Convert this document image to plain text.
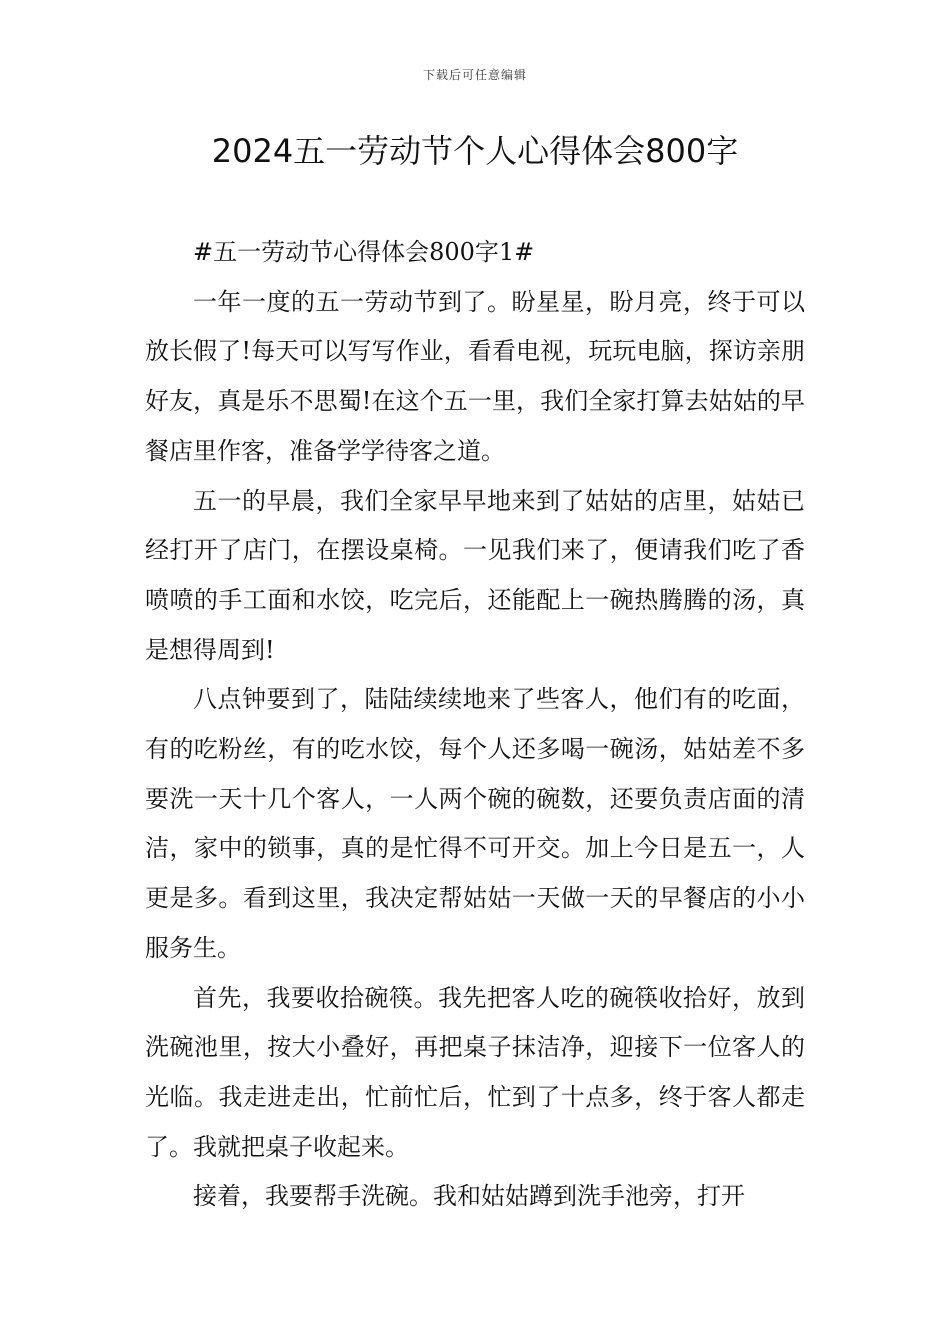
下载后可任意编辑
2024五一劳动节个人心得体会800字

#五一劳动节心得体会800字1#

一年一度的五一劳动节到了。盼星星，盼月亮，终于可以放长假了!每天可以写写作业，看看电视，玩玩电脑，探访亲朋好友，真是乐不思蜀!在这个五一里，我们全家打算去姑姑的早餐店里作客，准备学学待客之道。

五一的早晨，我们全家早早地来到了姑姑的店里，姑姑已经打开了店门，在摆设桌椅。一见我们来了，便请我们吃了香喷喷的手工面和水饺，吃完后，还能配上一碗热腾腾的汤，真是想得周到!

八点钟要到了，陆陆续续地来了些客人，他们有的吃面，有的吃粉丝，有的吃水饺，每个人还多喝一碗汤，姑姑差不多要洗一天十几个客人，一人两个碗的碗数，还要负责店面的清洁，家中的锁事，真的是忙得不可开交。加上今日是五一，人更是多。看到这里，我决定帮姑姑一天做一天的早餐店的小小服务生。

首先，我要收拾碗筷。我先把客人吃的碗筷收拾好，放到洗碗池里，按大小叠好，再把桌子抹洁净，迎接下一位客人的光临。我走进走出，忙前忙后，忙到了十点多，终于客人都走了。我就把桌子收起来。

接着，我要帮手洗碗。我和姑姑蹲到洗手池旁，打开
